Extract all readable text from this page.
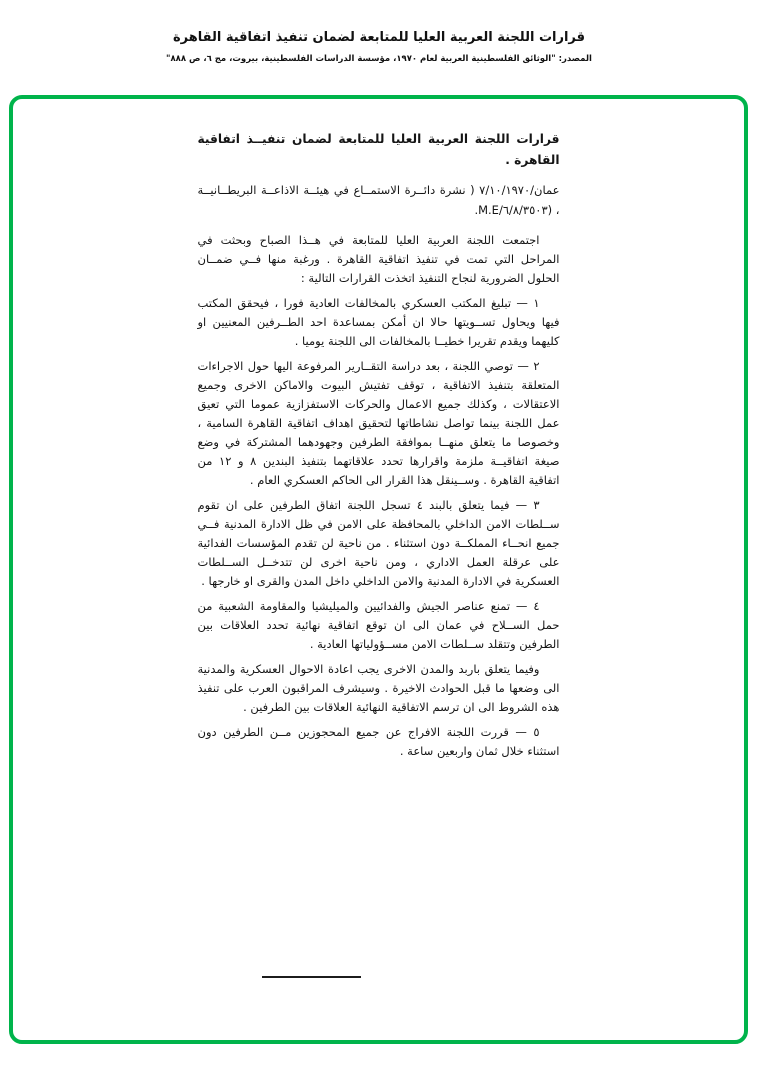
قرارات اللجنة العربية العليا للمتابعة لضمان تنفيذ اتفاقية القاهرة
المصدر: "الوثائق الفلسطينية العربية لعام ١٩٧٠، مؤسسة الدراسات الفلسطينية، بيروت، مج ٦، ص ٨٨٨"

قرارات اللجنة العربية العليا للمتابعة لضمان تنفيــذ اتفاقية القاهرة .

عمان/٧/١٠/١٩٧٠ ( نشرة دائــرة الاستمــاع في هيئــة الاذاعــة البريطــانيــة ، (٦/٨/٣٥٠٣/M.E.

اجتمعت اللجنة العربية العليا للمتابعة في هــذا الصباح وبحثت في المراحل التي تمت في تنفيذ اتفاقية القاهرة . ورغبة منها فــي ضمــان الحلول الضرورية لنجاح التنفيذ اتخذت القرارات التالية :

١ — تبليغ المكتب العسكري بالمخالفات العادية فورا ، فيحقق المكتب فيها ويحاول تســويتها حالا ان أمكن بمساعدة احد الطــرفين المعنيين او كليهما ويقدم تقريرا خطيــا بالمخالفات الى اللجنة يوميا .

٢ — توصي اللجنة ، بعد دراسة التقــارير المرفوعة اليها حول الاجراءات المتعلقة بتنفيذ الاتفاقية ، توقف تفتيش البيوت والاماكن الاخرى وجميع الاعتقالات ، وكذلك جميع الاعمال والحركات الاستفزازية عموما التي تعيق عمل اللجنة بينما تواصل نشاطاتها لتحقيق اهداف اتفاقية القاهرة السامية ، وخصوصا ما يتعلق منهــا بموافقة الطرفين وجهودهما المشتركة في وضع صيغة اتفاقيــة ملزمة واقرارها تحدد علاقاتهما بتنفيذ البندين ٨ و ١٢ من اتفاقية القاهرة . وســينقل هذا القرار الى الحاكم العسكري العام .

٣ — فيما يتعلق بالبند ٤ تسجل اللجنة اتفاق الطرفين على ان تقوم ســلطات الامن الداخلي بالمحافظة على الامن في ظل الادارة المدنية فــي جميع انحــاء المملكــة دون استثناء . من ناحية لن تقدم المؤسسات الفدائية على عرقلة العمل الاداري ، ومن ناحية اخرى لن تتدخــل الســلطات العسكرية في الادارة المدنية والامن الداخلي داخل المدن والقرى او خارجها .

٤ — تمنع عناصر الجيش والفدائيين والميليشيا والمقاومة الشعبية من حمل الســلاح في عمان الى ان توقع اتفاقية نهائية تحدد العلاقات بين الطرفين وتتقلد ســلطات الامن مســؤولياتها العادية .

وفيما يتعلق باربد والمدن الاخرى يجب اعادة الاحوال العسكرية والمدنية الى وضعها ما قبل الحوادث الاخيرة . وسيشرف المراقبون العرب على تنفيذ هذه الشروط الى ان ترسم الاتفاقية النهائية العلاقات بين الطرفين .

٥ — قررت اللجنة الافراج عن جميع المحجوزين مــن الطرفين دون استثناء خلال ثمان واربعين ساعة .
